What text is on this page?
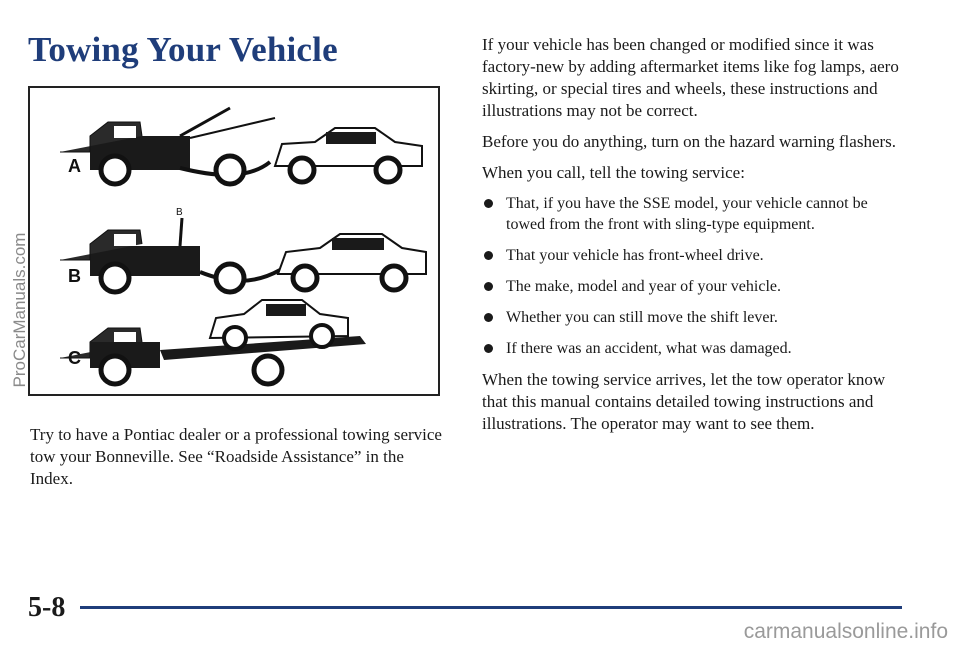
Towing Your Vehicle
A
B
B
C
ProCarManuals.com

Try to have a Pontiac dealer or a professional towing service tow your Bonneville. See “Roadside Assistance” in the Index.

If your vehicle has been changed or modified since it was factory-new by adding aftermarket items like fog lamps, aero skirting, or special tires and wheels, these instructions and illustrations may not be correct.

Before you do anything, turn on the hazard warning flashers.

When you call, tell the towing service:

That, if you have the SSE model, your vehicle cannot be towed from the front with sling-type equipment.
That your vehicle has front-wheel drive.
The make, model and year of your vehicle.
Whether you can still move the shift lever.
If there was an accident, what was damaged.

When the towing service arrives, let the tow operator know that this manual contains detailed towing instructions and illustrations. The operator may want to see them.

5-8

carmanualsonline.info
